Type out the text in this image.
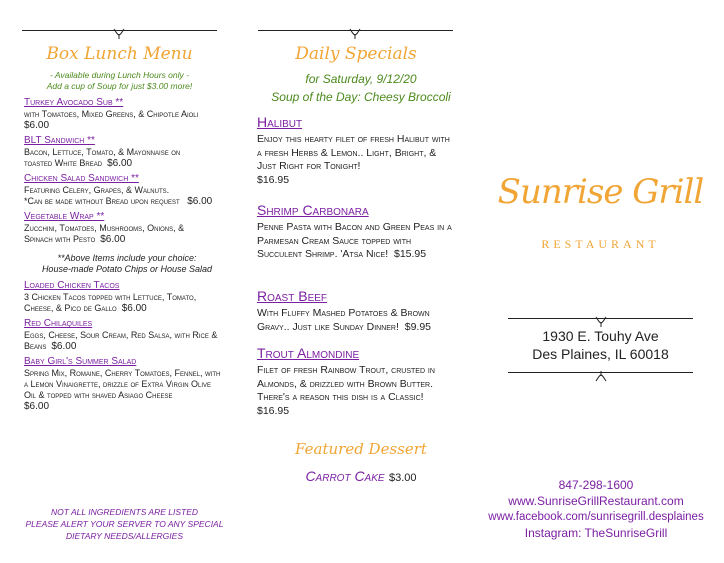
Box Lunch Menu
- Available during Lunch Hours only -
Add a cup of Soup for just $3.00 more!
Turkey Avocado Sub **
with Tomatoes, Mixed Greens, & Chipotle Aioli
$6.00
BLT Sandwich **
Bacon, Lettuce, Tomato, & Mayonnaise on toasted White Bread $6.00
Chicken Salad Sandwich **
Featuring Celery, Grapes, & Walnuts.
*Can be made without Bread upon request $6.00
Vegetable Wrap **
Zucchini, Tomatoes, Mushrooms, Onions, & Spinach with Pesto $6.00
**Above Items include your choice:
House-made Potato Chips or House Salad
Loaded Chicken Tacos
3 Chicken Tacos topped with Lettuce, Tomato, Cheese, & Pico de Gallo $6.00
Red Chilaquiles
Eggs, Cheese, Sour Cream, Red Salsa, with Rice & Beans $6.00
Baby Girl's Summer Salad
Spring Mix, Romaine, Cherry Tomatoes, Fennel, with a Lemon Vinaigrette, drizzle of Extra Virgin Olive Oil & topped with shaved Asiago Cheese
$6.00
NOT ALL INGREDIENTS ARE LISTED
PLEASE ALERT YOUR SERVER TO ANY SPECIAL
DIETARY NEEDS/ALLERGIES
Daily Specials
for Saturday, 9/12/20
Soup of the Day: Cheesy Broccoli
Halibut
Enjoy this hearty filet of fresh Halibut with a fresh Herbs & Lemon.. Light, Bright, & Just Right for Tonight!
$16.95
Shrimp Carbonara
Penne Pasta with Bacon and Green Peas in a Parmesan Cream Sauce topped with Succulent Shrimp. 'Atsa Nice! $15.95
Roast Beef
With Fluffy Mashed Potatoes & Brown Gravy.. Just like Sunday Dinner! $9.95
Trout Almondine
Filet of fresh Rainbow Trout, crusted in Almonds, & drizzled with Brown Butter. There's a reason this dish is a Classic!
$16.95
Featured Dessert
Carrot Cake $3.00
Sunrise Grill
RESTAURANT
1930 E. Touhy Ave
Des Plaines, IL 60018
847-298-1600
www.SunriseGrillRestaurant.com
www.facebook.com/sunrisegrill.desplaines
Instagram: TheSunriseGrill
